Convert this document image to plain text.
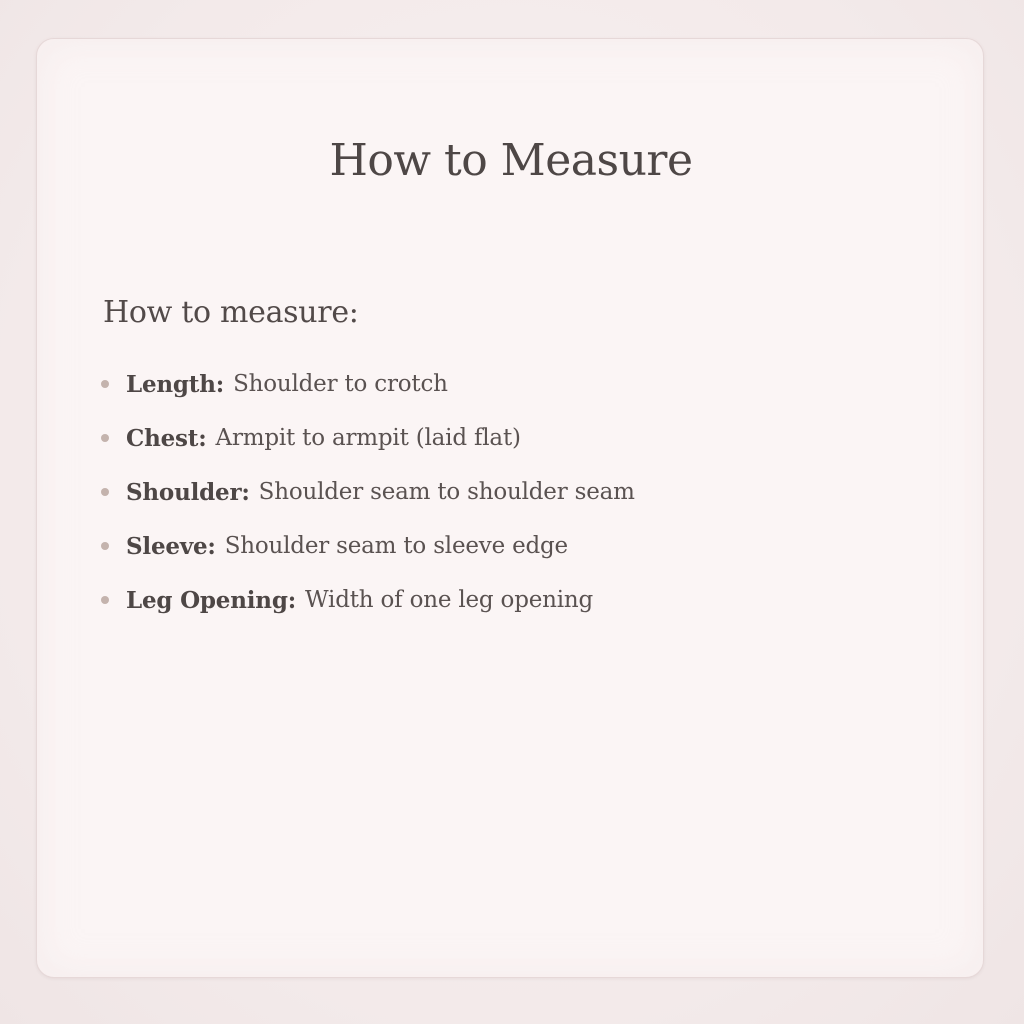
How to Measure
How to measure:
Length : Shoulder to crotch
Chest : Armpit to armpit (laid flat)
Shoulder : Shoulder seam to shoulder seam
Sleeve : Shoulder seam to sleeve edge
Leg Opening : Width of one leg opening
